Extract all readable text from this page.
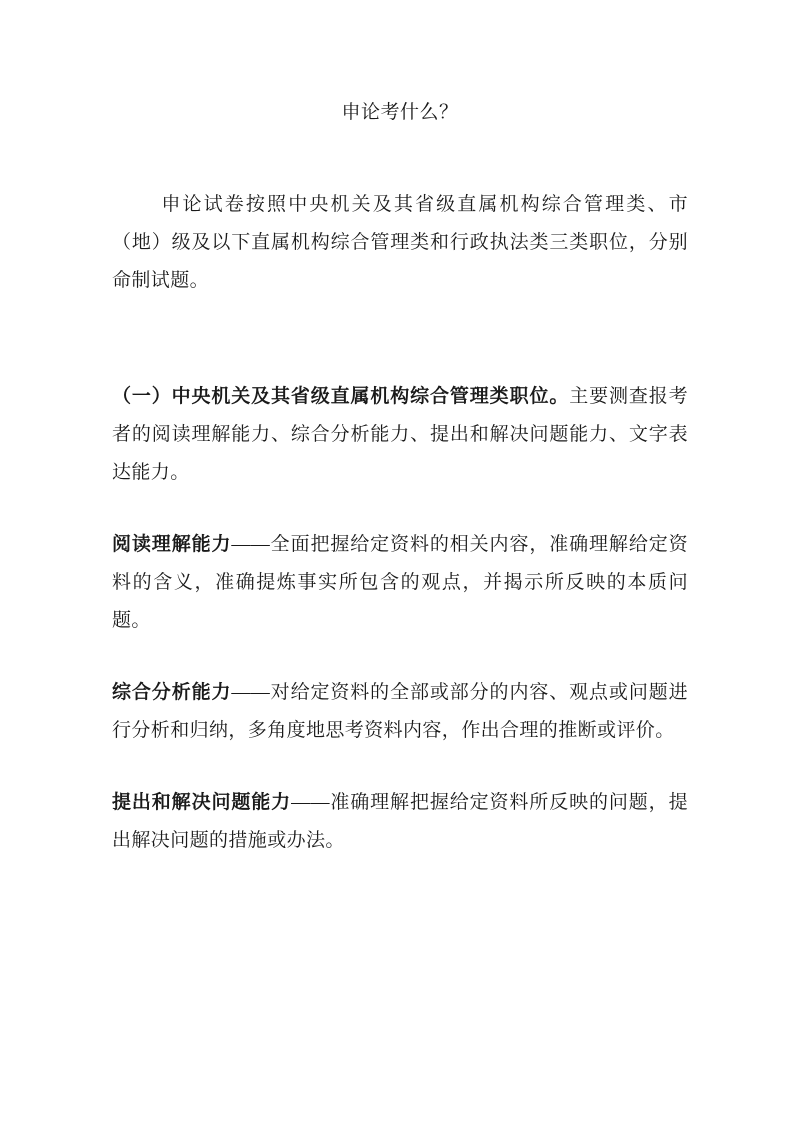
申论考什么？

申论试卷按照中央机关及其省级直属机构综合管理类、市（地）级及以下直属机构综合管理类和行政执法类三类职位，分别命制试题。

（一）中央机关及其省级直属机构综合管理类职位。主要测查报考者的阅读理解能力、综合分析能力、提出和解决问题能力、文字表达能力。

阅读理解能力——全面把握给定资料的相关内容，准确理解给定资料的含义，准确提炼事实所包含的观点，并揭示所反映的本质问题。

综合分析能力——对给定资料的全部或部分的内容、观点或问题进行分析和归纳，多角度地思考资料内容，作出合理的推断或评价。

提出和解决问题能力——准确理解把握给定资料所反映的问题，提出解决问题的措施或办法。
